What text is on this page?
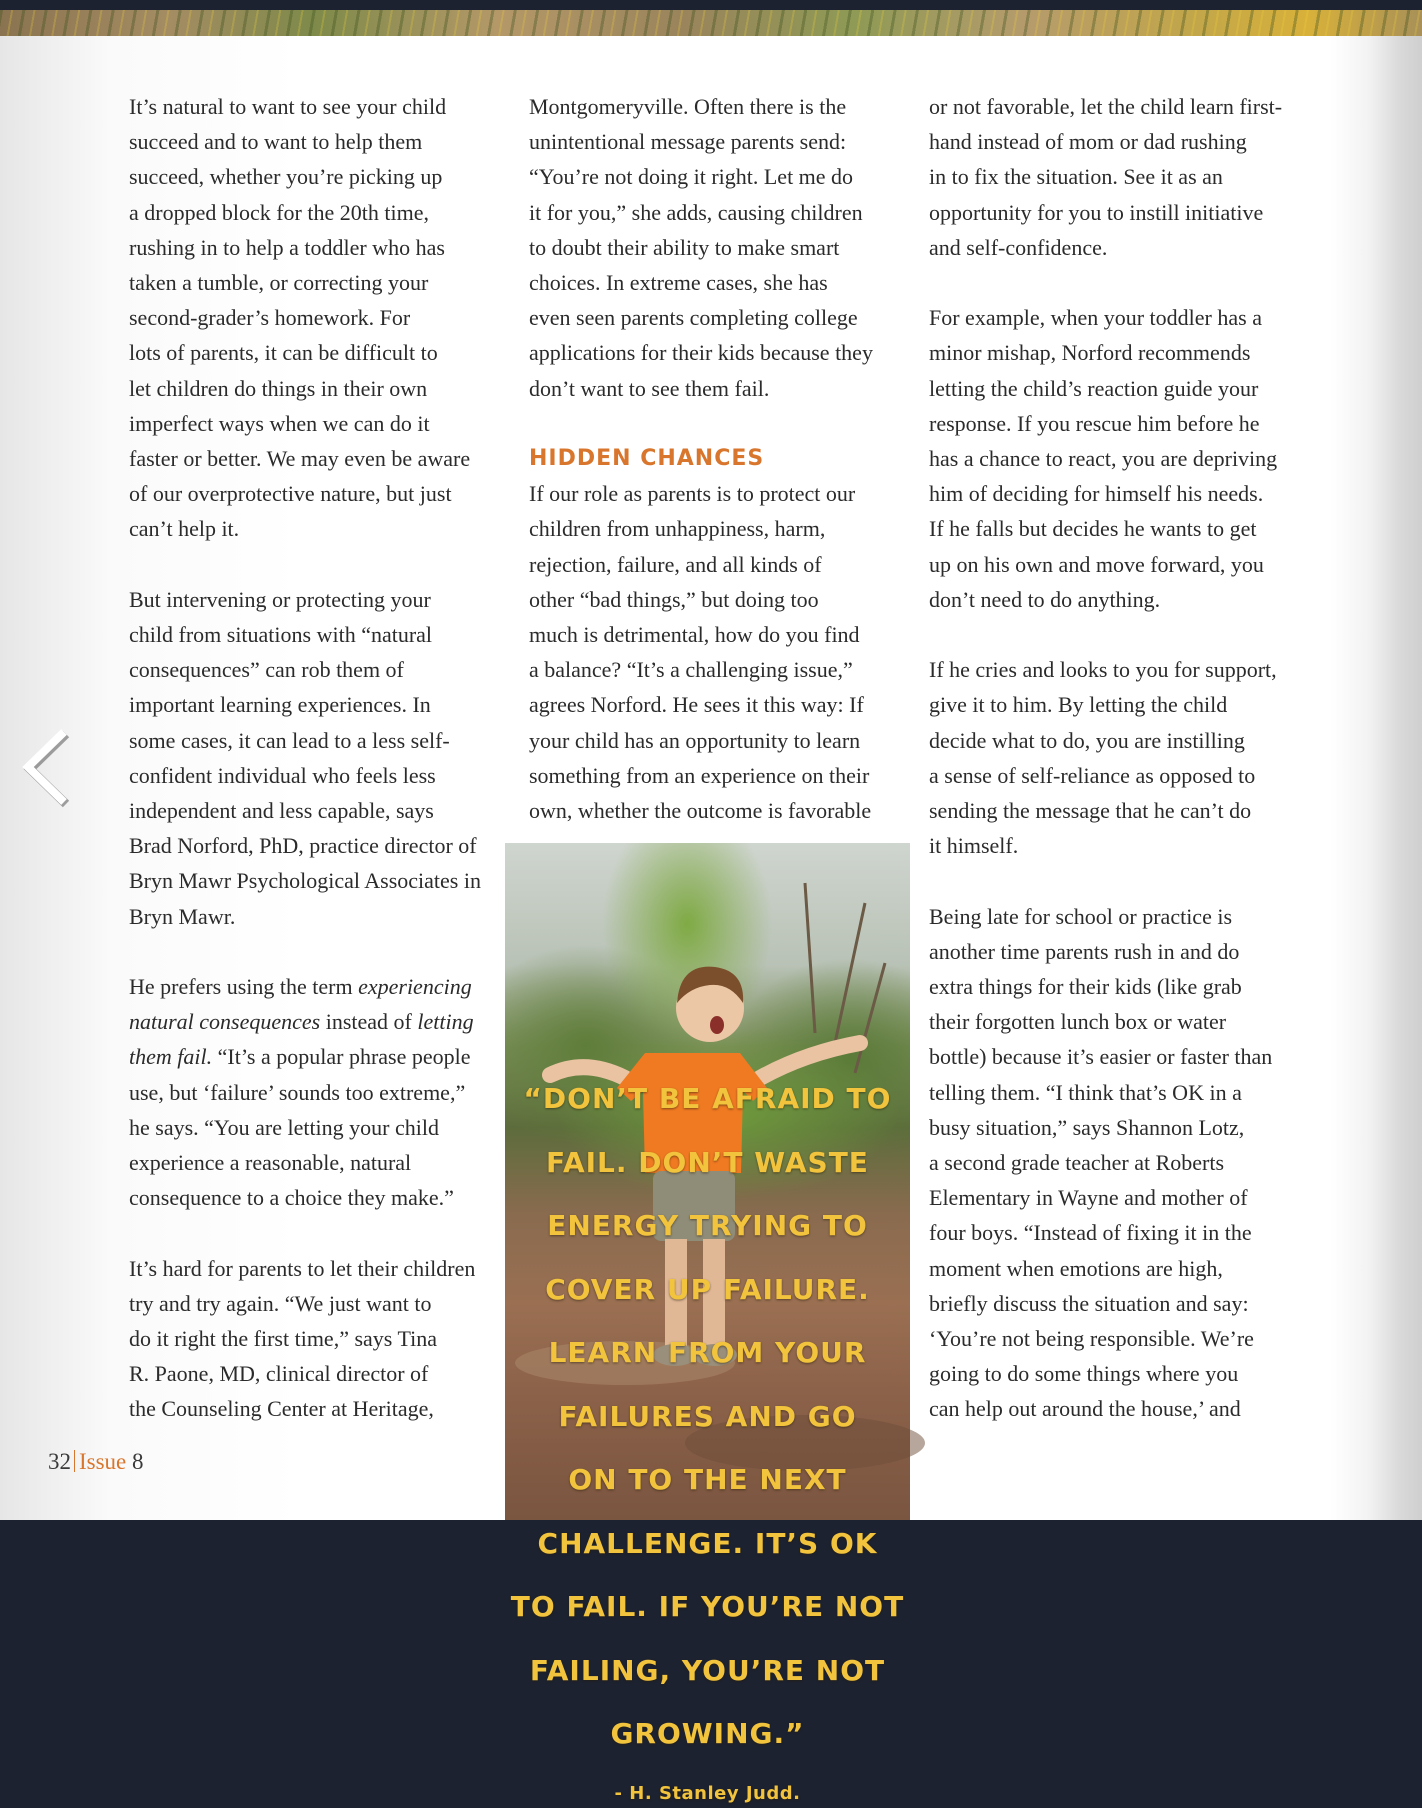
It’s natural to want to see your child

succeed and to want to help them

succeed, whether you’re picking up

a dropped block for the 20th time,

rushing in to help a toddler who has

taken a tumble, or correcting your

second-grader’s homework. For

lots of parents, it can be difficult to

let children do things in their own

imperfect ways when we can do it

faster or better. We may even be aware

of our overprotective nature, but just

can’t help it.

But intervening or protecting your

child from situations with “natural

consequences” can rob them of

important learning experiences. In

some cases, it can lead to a less self-

confident individual who feels less

independent and less capable, says

Brad Norford, PhD, practice director of

Bryn Mawr Psychological Associates in

Bryn Mawr.

He prefers using the term experiencing

natural consequences instead of letting

them fail. “It’s a popular phrase people

use, but ‘failure’ sounds too extreme,”

he says. “You are letting your child

experience a reasonable, natural

consequence to a choice they make.”

It’s hard for parents to let their children

try and try again. “We just want to

do it right the first time,” says Tina

R. Paone, MD, clinical director of

the Counseling Center at Heritage,

Montgomeryville. Often there is the

unintentional message parents send:

“You’re not doing it right. Let me do

it for you,” she adds, causing children

to doubt their ability to make smart

choices. In extreme cases, she has

even seen parents completing college

applications for their kids because they

don’t want to see them fail.

HIDDEN CHANCES

If our role as parents is to protect our

children from unhappiness, harm,

rejection, failure, and all kinds of

other “bad things,” but doing too

much is detrimental, how do you find

a balance? “It’s a challenging issue,”

agrees Norford. He sees it this way: If

your child has an opportunity to learn

something from an experience on their

own, whether the outcome is favorable

or not favorable, let the child learn first-

hand instead of mom or dad rushing

in to fix the situation. See it as an

opportunity for you to instill initiative

and self-confidence.

For example, when your toddler has a

minor mishap, Norford recommends

letting the child’s reaction guide your

response. If you rescue him before he

has a chance to react, you are depriving

him of deciding for himself his needs.

If he falls but decides he wants to get

up on his own and move forward, you

don’t need to do anything.

If he cries and looks to you for support,

give it to him. By letting the child

decide what to do, you are instilling

a sense of self-reliance as opposed to

sending the message that he can’t do

it himself.

Being late for school or practice is

another time parents rush in and do

extra things for their kids (like grab

their forgotten lunch box or water

bottle) because it’s easier or faster than

telling them. “I think that’s OK in a

busy situation,” says Shannon Lotz,

a second grade teacher at Roberts

Elementary in Wayne and mother of

four boys. “Instead of fixing it in the

moment when emotions are high,

briefly discuss the situation and say:

‘You’re not being responsible. We’re

going to do some things where you

can help out around the house,’ and

“DON’T BE AFRAID TO

FAIL. DON’T WASTE

ENERGY TRYING TO

COVER UP FAILURE.

LEARN FROM YOUR

FAILURES AND GO

ON TO THE NEXT

CHALLENGE. IT’S OK

TO FAIL. IF YOU’RE NOT

FAILING, YOU’RE NOT

GROWING.”

- H. Stanley Judd.
32 Issue 8
